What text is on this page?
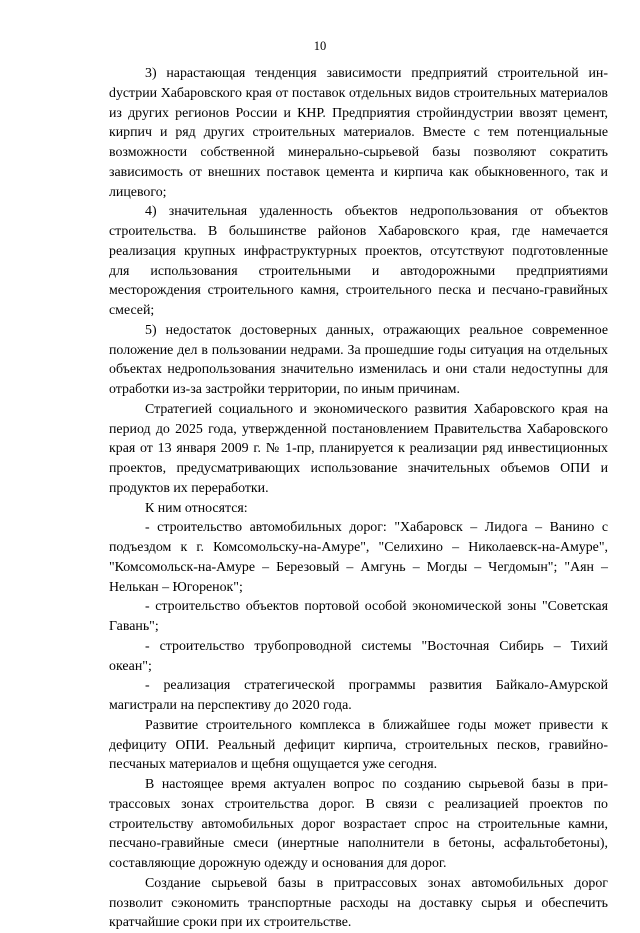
10

3) нарастающая тенденция зависимости предприятий строительной инdустрии Хабаровского края от поставок отдельных видов строительных материалов из других регионов России и КНР. Предприятия стройиндустрии ввозят цемент, кирпич и ряд других строительных материалов. Вместе с тем потенциальные возможности собственной минерально-сырьевой базы позволяют сократить зависимость от внешних поставок цемента и кирпича как обыкновенного, так и лицевого;

4) значительная удаленность объектов недропользования от объектов строительства. В большинстве районов Хабаровского края, где намечается реализация крупных инфраструктурных проектов, отсутствуют подготовленные для использования строительными и автодорожными предприятиями месторождения строительного камня, строительного песка и песчано-гравийных смесей;

5) недостаток достоверных данных, отражающих реальное современное положение дел в пользовании недрами. За прошедшие годы ситуация на отдельных объектах недропользования значительно изменилась и они стали недоступны для отработки из-за застройки территории, по иным причинам.

Стратегией социального и экономического развития Хабаровского края на период до 2025 года, утвержденной постановлением Правительства Хабаровского края от 13 января 2009 г. № 1-пр, планируется к реализации ряд инвестиционных проектов, предусматривающих использование значительных объемов ОПИ и продуктов их переработки.

К ним относятся:

- строительство автомобильных дорог: "Хабаровск – Лидога – Ванино с подъездом к г. Комсомольску-на-Амуре", "Селихино – Николаевск-на-Амуре", "Комсомольск-на-Амуре – Березовый – Амгунь – Могды – Чегдомын"; "Аян – Нелькан – Югоренок";

- строительство объектов портовой особой экономической зоны "Советская Гавань";

- строительство трубопроводной системы "Восточная Сибирь – Тихий океан";

- реализация стратегической программы развития Байкало-Амурской магистрали на перспективу до 2020 года.

Развитие строительного комплекса в ближайшее годы может привести к дефициту ОПИ. Реальный дефицит кирпича, строительных песков, гравийно-песчаных материалов и щебня ощущается уже сегодня.

В настоящее время актуален вопрос по созданию сырьевой базы в притрассовых зонах строительства дорог. В связи с реализацией проектов по строительству автомобильных дорог возрастает спрос на строительные камни, песчано-гравийные смеси (инертные наполнители в бетоны, асфальтобетоны), составляющие дорожную одежду и основания для дорог.

Создание сырьевой базы в притрассовых зонах автомобильных дорог позволит сэкономить транспортные расходы на доставку сырья и обеспечить кратчайшие сроки при их строительстве.
